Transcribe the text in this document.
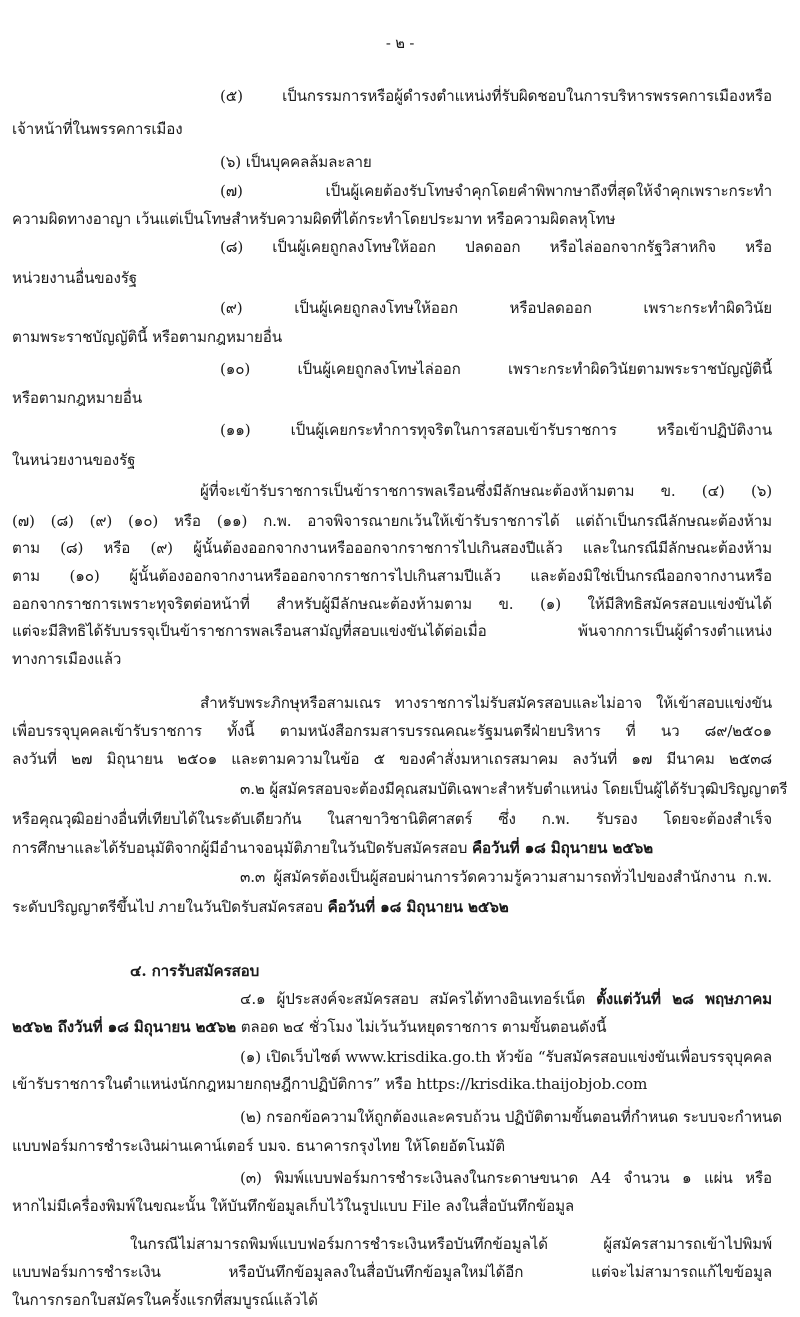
- ๒ -
(๕) เป็นกรรมการหรือผู้ดำรงตำแหน่งที่รับผิดชอบในการบริหารพรรคการเมืองหรือ
เจ้าหน้าที่ในพรรคการเมือง
(๖) เป็นบุคคลล้มละลาย
(๗) เป็นผู้เคยต้องรับโทษจำคุกโดยคำพิพากษาถึงที่สุดให้จำคุกเพราะกระทำ
ความผิดทางอาญา เว้นแต่เป็นโทษสำหรับความผิดที่ได้กระทำโดยประมาท หรือความผิดลหุโทษ
(๘) เป็นผู้เคยถูกลงโทษให้ออก ปลดออก หรือไล่ออกจากรัฐวิสาหกิจ หรือ
หน่วยงานอื่นของรัฐ
(๙) เป็นผู้เคยถูกลงโทษให้ออก หรือปลดออก เพราะกระทำผิดวินัย
ตามพระราชบัญญัตินี้ หรือตามกฎหมายอื่น
(๑๐) เป็นผู้เคยถูกลงโทษไล่ออก เพราะกระทำผิดวินัยตามพระราชบัญญัตินี้
หรือตามกฎหมายอื่น
(๑๑) เป็นผู้เคยกระทำการทุจริตในการสอบเข้ารับราชการ หรือเข้าปฏิบัติงาน
ในหน่วยงานของรัฐ
ผู้ที่จะเข้ารับราชการเป็นข้าราชการพลเรือนซึ่งมีลักษณะต้องห้ามตาม ข. (๔) (๖)
(๗) (๘) (๙) (๑๐) หรือ (๑๑) ก.พ. อาจพิจารณายกเว้นให้เข้ารับราชการได้ แต่ถ้าเป็นกรณีลักษณะต้องห้าม
ตาม (๘) หรือ (๙) ผู้นั้นต้องออกจากงานหรือออกจากราชการไปเกินสองปีแล้ว และในกรณีมีลักษณะต้องห้าม
ตาม (๑๐) ผู้นั้นต้องออกจากงานหรือออกจากราชการไปเกินสามปีแล้ว และต้องมิใช่เป็นกรณีออกจากงานหรือ
ออกจากราชการเพราะทุจริตต่อหน้าที่ สำหรับผู้มีลักษณะต้องห้ามตาม ข. (๑) ให้มีสิทธิสมัครสอบแข่งขันได้
แต่จะมีสิทธิได้รับบรรจุเป็นข้าราชการพลเรือนสามัญที่สอบแข่งขันได้ต่อเมื่อ พ้นจากการเป็นผู้ดำรงตำแหน่ง
ทางการเมืองแล้ว
สำหรับพระภิกษุหรือสามเณร ทางราชการไม่รับสมัครสอบและไม่อาจ ให้เข้าสอบแข่งขัน
เพื่อบรรจุบุคคลเข้ารับราชการ ทั้งนี้ ตามหนังสือกรมสารบรรณคณะรัฐมนตรีฝ่ายบริหาร ที่ นว ๘๙/๒๕๐๑
ลงวันที่ ๒๗ มิถุนายน ๒๕๐๑ และตามความในข้อ ๕ ของคำสั่งมหาเถรสมาคม ลงวันที่ ๑๗ มีนาคม ๒๕๓๘
๓.๒ ผู้สมัครสอบจะต้องมีคุณสมบัติเฉพาะสำหรับตำแหน่ง โดยเป็นผู้ได้รับวุฒิปริญญาตรี
หรือคุณวุฒิอย่างอื่นที่เทียบได้ในระดับเดียวกัน ในสาขาวิชานิติศาสตร์ ซึ่ง ก.พ. รับรอง โดยจะต้องสำเร็จ
การศึกษาและได้รับอนุมัติจากผู้มีอำนาจอนุมัติภายในวันปิดรับสมัครสอบ คือวันที่ ๑๘ มิถุนายน ๒๕๖๒
๓.๓ ผู้สมัครต้องเป็นผู้สอบผ่านการวัดความรู้ความสามารถทั่วไปของสำนักงาน ก.พ.
ระดับปริญญาตรีขึ้นไป ภายในวันปิดรับสมัครสอบ คือวันที่ ๑๘ มิถุนายน ๒๕๖๒
๔. การรับสมัครสอบ
๔.๑ ผู้ประสงค์จะสมัครสอบ สมัครได้ทางอินเทอร์เน็ต ตั้งแต่วันที่ ๒๘ พฤษภาคม
๒๕๖๒ ถึงวันที่ ๑๘ มิถุนายน ๒๕๖๒ ตลอด ๒๔ ชั่วโมง ไม่เว้นวันหยุดราชการ ตามขั้นตอนดังนี้
(๑) เปิดเว็บไซต์ www.krisdika.go.th หัวข้อ “รับสมัครสอบแข่งขันเพื่อบรรจุบุคคล
เข้ารับราชการในตำแหน่งนักกฎหมายกฤษฎีกาปฏิบัติการ” หรือ https://krisdika.thaijobjob.com
(๒) กรอกข้อความให้ถูกต้องและครบถ้วน ปฏิบัติตามขั้นตอนที่กำหนด ระบบจะกำหนด
แบบฟอร์มการชำระเงินผ่านเคาน์เตอร์ บมจ. ธนาคารกรุงไทย ให้โดยอัตโนมัติ
(๓) พิมพ์แบบฟอร์มการชำระเงินลงในกระดาษขนาด A4 จำนวน ๑ แผ่น หรือ
หากไม่มีเครื่องพิมพ์ในขณะนั้น ให้บันทึกข้อมูลเก็บไว้ในรูปแบบ File ลงในสื่อบันทึกข้อมูล
ในกรณีไม่สามารถพิมพ์แบบฟอร์มการชำระเงินหรือบันทึกข้อมูลได้ ผู้สมัครสามารถเข้าไปพิมพ์
แบบฟอร์มการชำระเงิน หรือบันทึกข้อมูลลงในสื่อบันทึกข้อมูลใหม่ได้อีก แต่จะไม่สามารถแก้ไขข้อมูล
ในการกรอกใบสมัครในครั้งแรกที่สมบูรณ์แล้วได้
